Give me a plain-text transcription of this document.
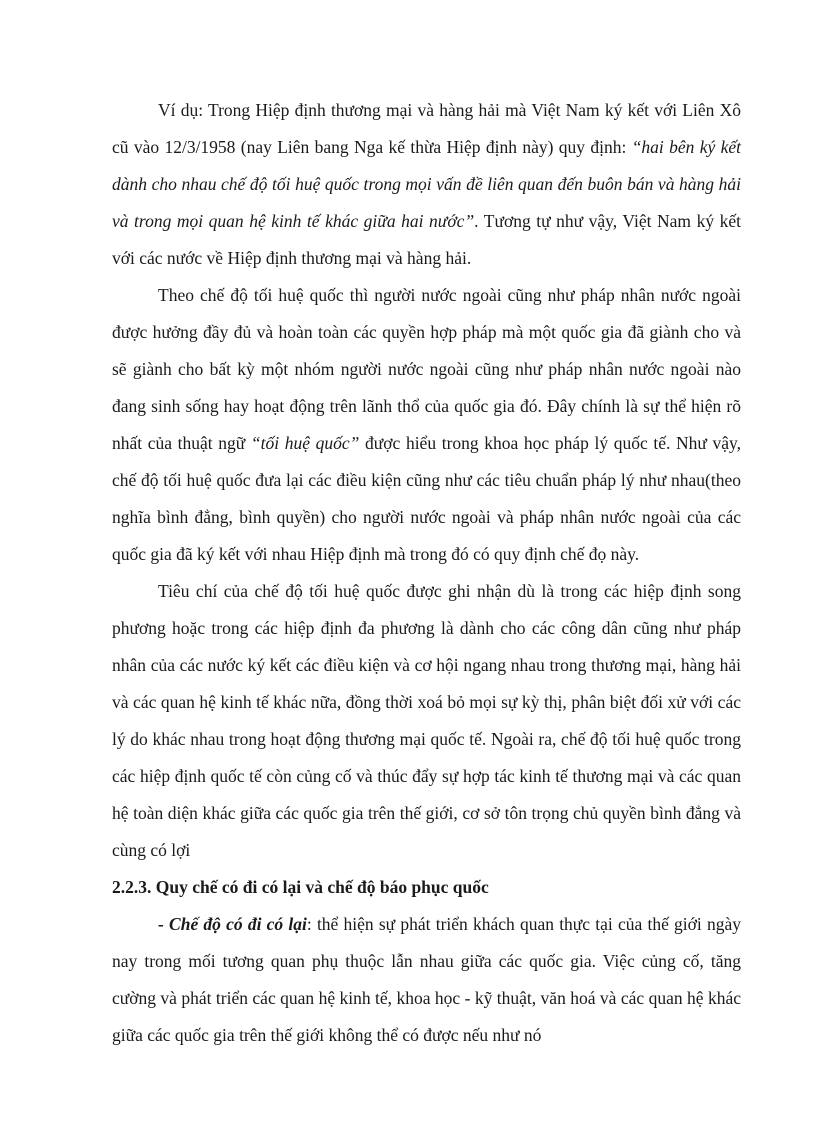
Ví dụ: Trong Hiệp định thương mại và hàng hải mà Việt Nam ký kết với Liên Xô cũ vào 12/3/1958 (nay Liên bang Nga kế thừa Hiệp định này) quy định: “hai bên ký kết dành cho nhau chế độ tối huệ quốc trong mọi vấn đề liên quan đến buôn bán và hàng hải và trong mọi quan hệ kinh tế khác giữa hai nước”. Tương tự như vậy, Việt Nam ký kết với các nước về Hiệp định thương mại và hàng hải.

Theo chế độ tối huệ quốc thì người nước ngoài cũng như pháp nhân nước ngoài được hưởng đầy đủ và hoàn toàn các quyền hợp pháp mà một quốc gia đã giành cho và sẽ giành cho bất kỳ một nhóm người nước ngoài cũng như pháp nhân nước ngoài nào đang sinh sống hay hoạt động trên lãnh thổ của quốc gia đó. Đây chính là sự thể hiện rõ nhất của thuật ngữ “tối huệ quốc” được hiểu trong khoa học pháp lý quốc tế. Như vậy, chế độ tối huệ quốc đưa lại các điều kiện cũng như các tiêu chuẩn pháp lý như nhau(theo nghĩa bình đẳng, bình quyền) cho người nước ngoài và pháp nhân nước ngoài của các quốc gia đã ký kết với nhau Hiệp định mà trong đó có quy định chế đọ này.

Tiêu chí của chế độ tối huệ quốc được ghi nhận dù là trong các hiệp định song phương hoặc trong các hiệp định đa phương là dành cho các công dân cũng như pháp nhân của các nước ký kết các điều kiện và cơ hội ngang nhau trong thương mại, hàng hải và các quan hệ kinh tế khác nữa, đồng thời xoá bỏ mọi sự kỳ thị, phân biệt đối xử với các lý do khác nhau trong hoạt động thương mại quốc tế. Ngoài ra, chế độ tối huệ quốc trong các hiệp định quốc tế còn củng cố và thúc đẩy sự hợp tác kinh tế thương mại và các quan hệ toàn diện khác giữa các quốc gia trên thế giới, cơ sở tôn trọng chủ quyền bình đẳng và cùng có lợi

2.2.3. Quy chế có đi có lại và chế độ báo phục quốc

- Chế độ có đi có lại: thể hiện sự phát triển khách quan thực tại của thế giới ngày nay trong mối tương quan phụ thuộc lẫn nhau giữa các quốc gia. Việc củng cố, tăng cường và phát triển các quan hệ kinh tế, khoa học - kỹ thuật, văn hoá và các quan hệ khác giữa các quốc gia trên thế giới không thể có được nếu như nó
